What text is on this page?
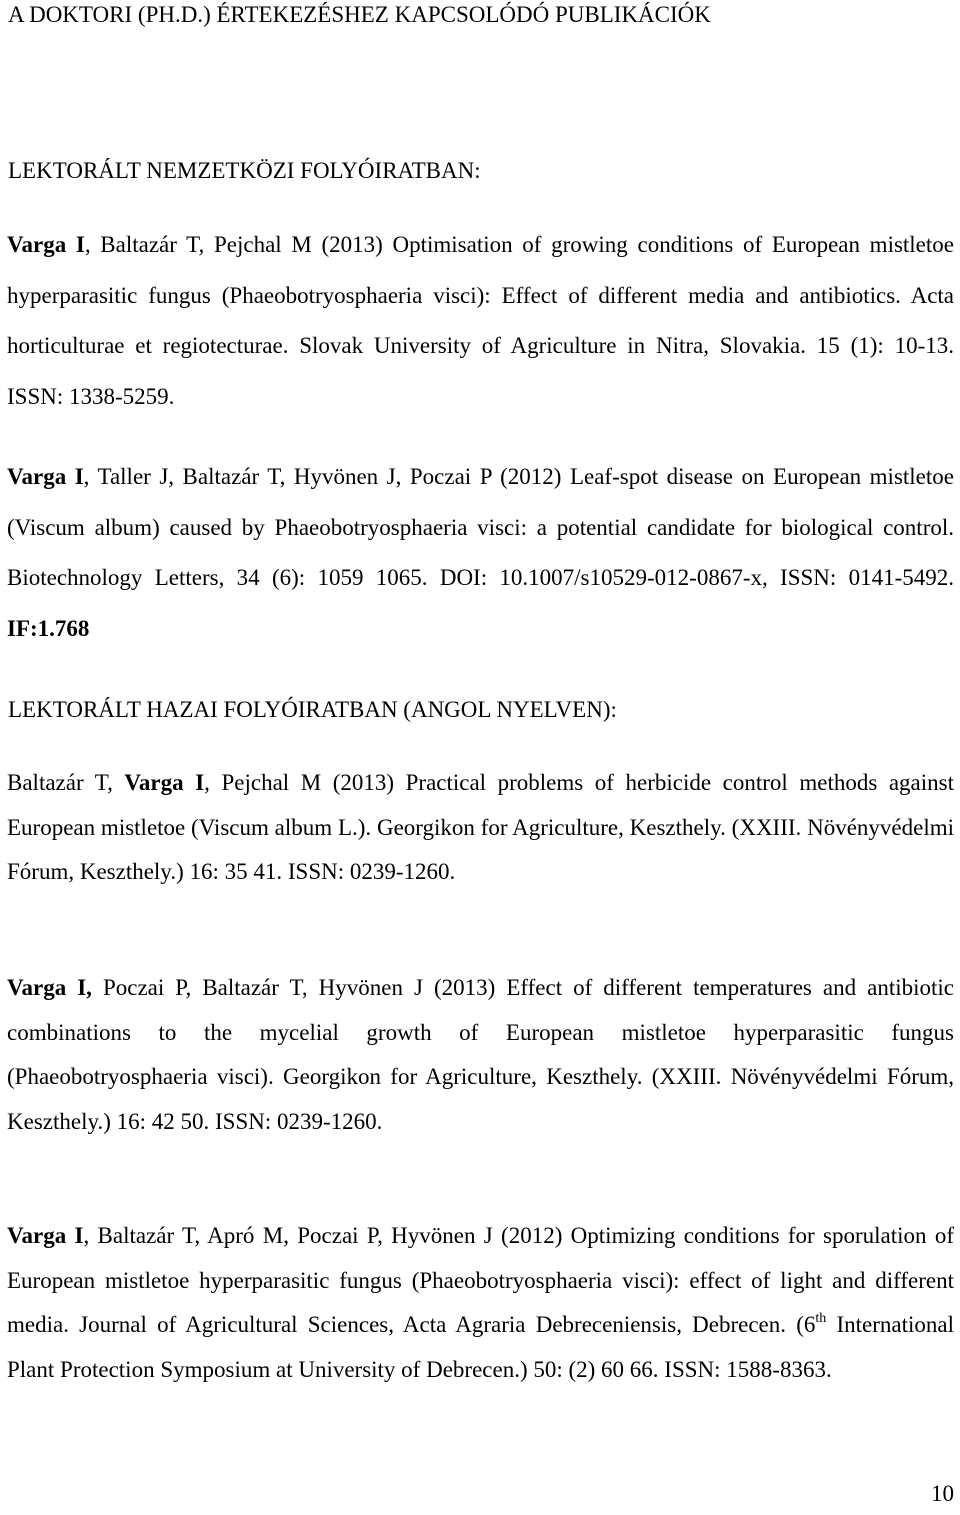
A DOKTORI (PH.D.) ÉRTEKEZÉSHEZ KAPCSOLÓDÓ PUBLIKÁCIÓK
LEKTORÁLT NEMZETKÖZI FOLYÓIRATBAN:
Varga I, Baltazár T, Pejchal M (2013) Optimisation of growing conditions of European mistletoe hyperparasitic fungus (Phaeobotryosphaeria visci): Effect of different media and antibiotics. Acta horticulturae et regiotecturae. Slovak University of Agriculture in Nitra, Slovakia. 15 (1): 10-13. ISSN: 1338-5259.
Varga I, Taller J, Baltazár T, Hyvönen J, Poczai P (2012) Leaf-spot disease on European mistletoe (Viscum album) caused by Phaeobotryosphaeria visci: a potential candidate for biological control. Biotechnology Letters, 34 (6): 1059 1065. DOI: 10.1007/s10529-012-0867-x, ISSN: 0141-5492. IF:1.768
LEKTORÁLT HAZAI FOLYÓIRATBAN (ANGOL NYELVEN):
Baltazár T, Varga I, Pejchal M (2013) Practical problems of herbicide control methods against European mistletoe (Viscum album L.). Georgikon for Agriculture, Keszthely. (XXIII. Növényvédelmi Fórum, Keszthely.) 16: 35 41. ISSN: 0239-1260.
Varga I, Poczai P, Baltazár T, Hyvönen J (2013) Effect of different temperatures and antibiotic combinations to the mycelial growth of European mistletoe hyperparasitic fungus (Phaeobotryosphaeria visci). Georgikon for Agriculture, Keszthely. (XXIII. Növényvédelmi Fórum, Keszthely.) 16: 42 50. ISSN: 0239-1260.
Varga I, Baltazár T, Apró M, Poczai P, Hyvönen J (2012) Optimizing conditions for sporulation of European mistletoe hyperparasitic fungus (Phaeobotryosphaeria visci): effect of light and different media. Journal of Agricultural Sciences, Acta Agraria Debreceniensis, Debrecen. (6th International Plant Protection Symposium at University of Debrecen.) 50: (2) 60 66. ISSN: 1588-8363.
10
